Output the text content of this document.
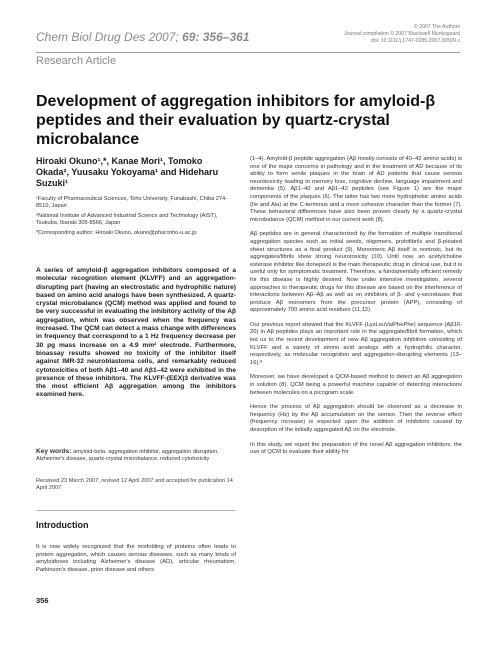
Chem Biol Drug Des 2007; 69: 356–361
© 2007 The Authors
Journal compilation © 2007 Blackwell Munksgaard
doi: 10.1111/j.1747-0285.2007.00509.x
Research Article
Development of aggregation inhibitors for amyloid-β peptides and their evaluation by quartz-crystal microbalance
Hiroaki Okuno¹,*, Kanae Mori¹, Tomoko Okada², Yuusaku Yokoyama¹ and Hideharu Suzuki¹

¹Faculty of Pharmaceutical Sciences, Toho University, Funabashi, Chiba 274-8510, Japan

²National Institute of Advanced Industrial Science and Technology (AIST), Tsukuba, Ibaraki 305-8566, Japan

*Corresponding author: Hiroaki Okuno, okuno@phar.toho-u.ac.jp

A series of amyloid-β aggregation inhibitors composed of a molecular recognition element (KLVFF) and an aggregation-disrupting part (having an electrostatic and hydrophilic nature) based on amino acid analogs have been synthesized. A quartz-crystal microbalance (QCM) method was applied and found to be very successful in evaluating the inhibitory activity of the Aβ aggregation, which was observed when the frequency was increased. The QCM can detect a mass change with differences in frequency that correspond to a 1 Hz frequency decrease per 30 pg mass increase on a 4.9 mm² electrode. Furthermore, bioassay results showed no toxicity of the inhibitor itself against IMR-32 neuroblastoma cells, and remarkably reduced cytotoxicities of both Aβ1–40 and Aβ1–42 were exhibited in the presence of these inhibitors. The KLVFF-(EEX)3 derivative was the most efficient Aβ aggregation among the inhibitors examined here.
Key words: amyloid-beta, aggregation inhibitor, aggregation disruption, Alzheimer's disease, quartz-crystal microbalance, reduced cytotoxicity
Received 23 March 2007, revised 12 April 2007 and accepted for publication 14 April 2007
Introduction
It is now widely recognized that the misfolding of proteins often leads to protein aggregation, which causes serious diseases, such as many kinds of amyloidoses including Alzheimer's disease (AD), articular rheumatism, Parkinson's disease, prion disease and others

(1–4). Amyloid-β peptide aggregation (Aβ mostly consists of 40–42 amino acids) is one of the major concerns in pathology and in the treatment of AD because of its ability to form senile plaques in the brain of AD patients that cause serious neurotoxicity leading to memory loss, cognitive decline, language impairment and dementia (5). Aβ1–40 and Aβ1–42 peptides (see Figure 1) are the major components of the plaques (6). The latter has two more hydrophobic amino acids (Ile and Ala) at the C-terminus and a more cohesive character than the former (7). These behavioral differences have also been proven clearly by a quartz-crystal microbalance (QCM) method in our current work (8).

Aβ peptides are in general characterized by the formation of multiple transitional aggregation species such as initial seeds, oligomers, protofibrils and β-pleated sheet structures as a final product (9). Monomeric Aβ itself is nontoxic, but its aggregates/fibrils show strong neurotoxicity (10). Until now, an acetylcholine esterase inhibitor like donepezil is the main therapeutic drug in clinical use, but it is useful only for symptomatic treatment. Therefore, a fundamentally efficient remedy for this disease is highly desired. Now under intensive investigation, several approaches to therapeutic drugs for this disease are based on the interference of interactions between Aβ–Aβ as well as on inhibitors of β- and γ-secretases that produce Aβ monomers from the precursor protein (APP), consisting of approximately 700 amino acid residues (11,12).

Our previous report showed that the KLVFF (LysLeuValPhePhe) sequence (Aβ16-20) in Aβ peptides plays an important role in the aggregate/fibril formation, which led us to the recent development of new Aβ aggregation inhibitors consisting of KLVFF and a variety of amino acid analogs with a hydrophilic character, respectively, as molecular recognition and aggregation-disrupting elements (13–16).ª

Moreover, we have developed a QCM-based method to detect an Aβ aggregation in solution (8), QCM being a powerful machine capable of detecting interactions between molecules on a picogram scale.

Hence the process of Aβ aggregation should be observed as a decrease in frequency (Hz) by the Aβ accumulation on the sensor. Then the reverse effect (frequency increase) is expected upon the addition of inhibitors caused by desorption of the initially aggregated Aβ on the electrode.

In this study, we report the preparation of the novel Aβ aggregation inhibitors, the use of QCM to evaluate their ability for

356
